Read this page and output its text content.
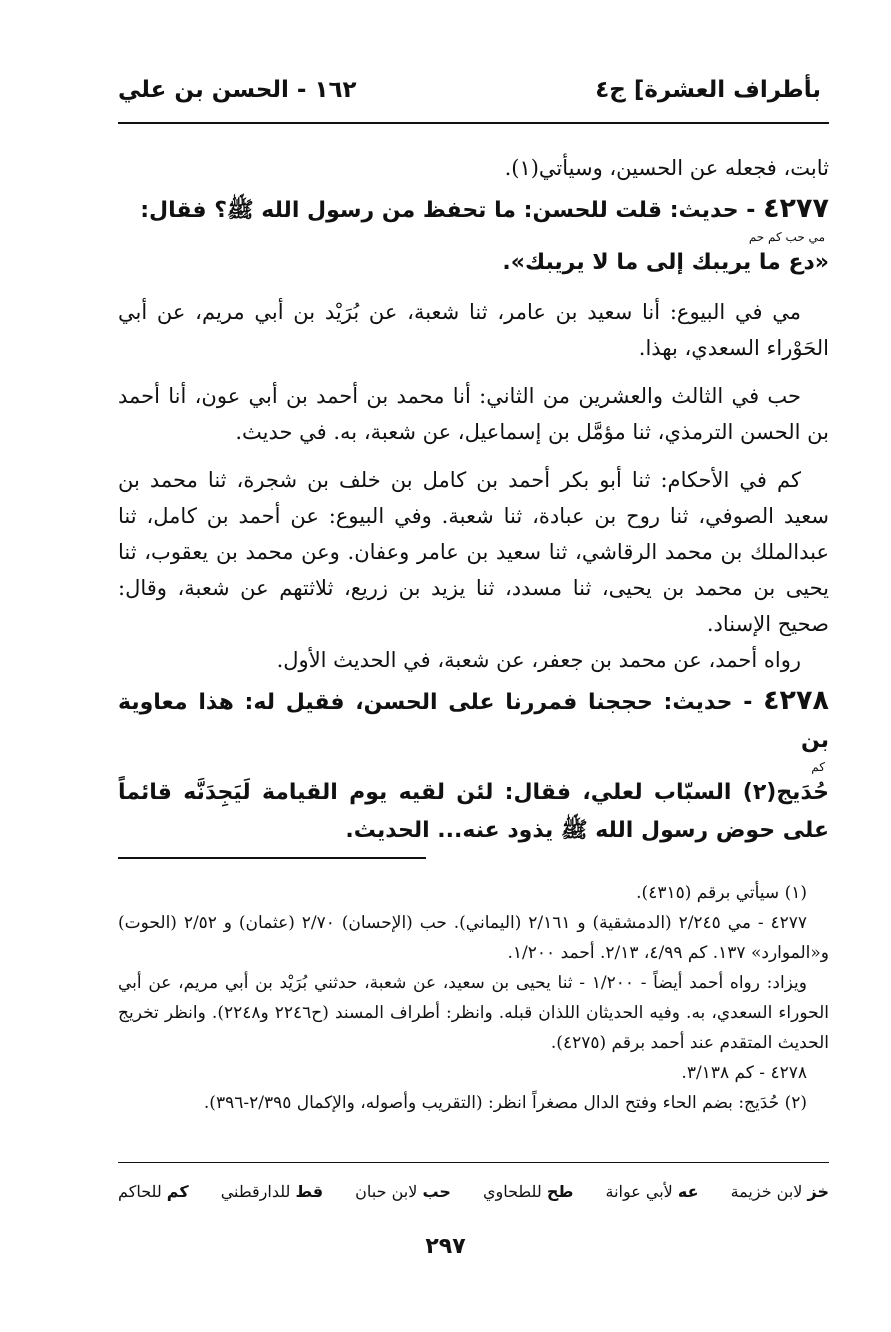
بأطراف العشرة] ج٤
١٦٢ - الحسن بن علي

ثابت، فجعله عن الحسين، وسيأتي(١).

٤٢٧٧ - حديث: قلت للحسن: ما تحفظ من رسول الله ﷺ؟ فقال:
مي حب كم حم
«دع ما يريبك إلى ما لا يريبك».

مي في البيوع: أنا سعيد بن عامر، ثنا شعبة، عن بُرَيْد بن أبي مريم، عن أبي الحَوْراء السعدي، بهذا.

حب في الثالث والعشرين من الثاني: أنا محمد بن أحمد بن أبي عون، أنا أحمد بن الحسن الترمذي، ثنا مؤمَّل بن إسماعيل، عن شعبة، به. في حديث.

كم في الأحكام: ثنا أبو بكر أحمد بن كامل بن خلف بن شجرة، ثنا محمد بن سعيد الصوفي، ثنا روح بن عبادة، ثنا شعبة. وفي البيوع: عن أحمد بن كامل، ثنا عبدالملك بن محمد الرقاشي، ثنا سعيد بن عامر وعفان. وعن محمد بن يعقوب، ثنا يحيى بن محمد بن يحيى، ثنا مسدد، ثنا يزيد بن زريع، ثلاثتهم عن شعبة، وقال: صحيح الإسناد.

رواه أحمد، عن محمد بن جعفر، عن شعبة، في الحديث الأول.

٤٢٧٨ - حديث: حججنا فمررنا على الحسن، فقيل له: هذا معاوية بن
كم
حُدَيج(٢) السبّاب لعلي، فقال: لئن لقيه يوم القيامة لَيَجِدَنَّه قائماً على حوض رسول الله ﷺ يذود عنه... الحديث.

(١) سيأتي برقم (٤٣١٥).

٤٢٧٧ - مي ٢/٢٤٥ (الدمشقية) و ٢/١٦١ (اليماني). حب (الإحسان) ٢/٧٠ (عثمان) و ٢/٥٢ (الحوت) و«الموارد» ١٣٧. كم ٤/٩٩، ٢/١٣. أحمد ١/٢٠٠.

ويزاد: رواه أحمد أيضاً - ١/٢٠٠ - ثنا يحيى بن سعيد، عن شعبة، حدثني بُرَيْد بن أبي مريم، عن أبي الحوراء السعدي، به. وفيه الحديثان اللذان قبله. وانظر: أطراف المسند (ح٢٢٤٦ و٢٢٤٨). وانظر تخريج الحديث المتقدم عند أحمد برقم (٤٢٧٥).

٤٢٧٨ - كم ٣/١٣٨.

(٢) حُدَيج: بضم الحاء وفتح الدال مصغراً انظر: (التقريب وأصوله، والإكمال ٢/٣٩٥-٣٩٦).

خز لابن خزيمة
عه لأبي عوانة
طح للطحاوي
حب لابن حبان
قط للدارقطني
كم للحاكم
٢٩٧
